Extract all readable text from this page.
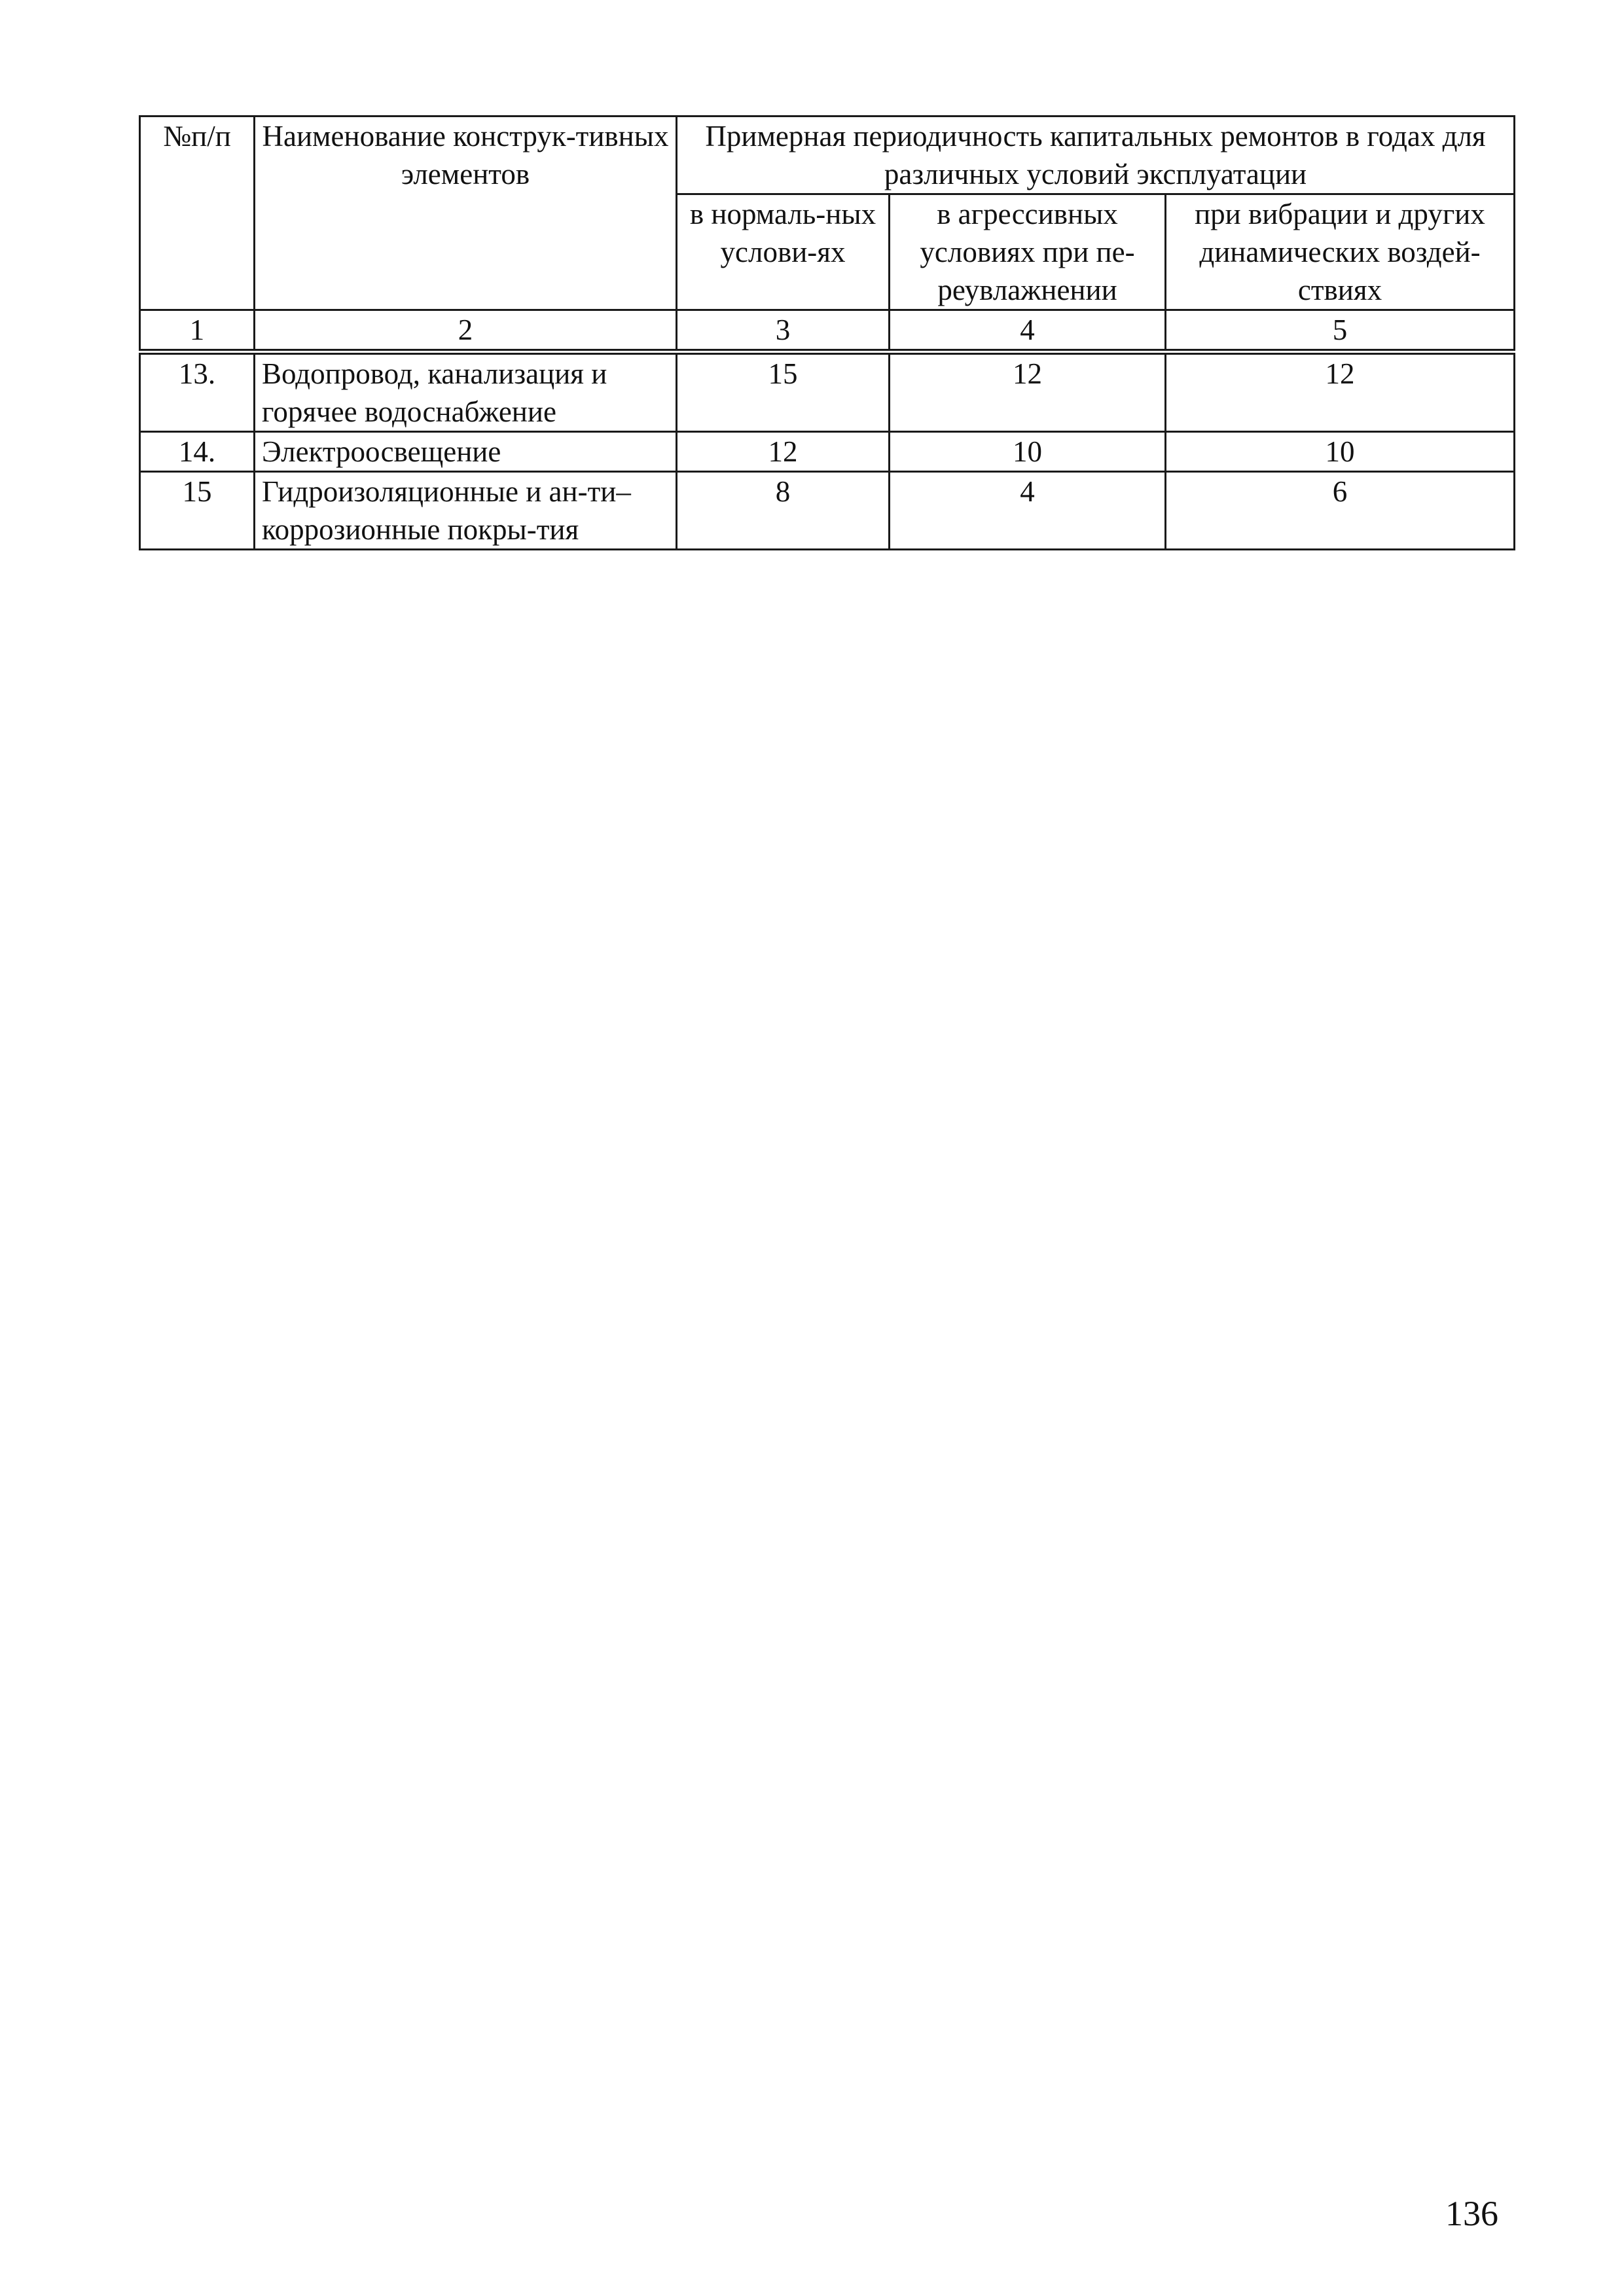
№п/п	Наименование конструк-тивных элементов	Примерная периодичность капитальных ремонтов в годах для различных условий эксплуатации		
		в нормаль-ных услови-ях	в агрессивных условиях при пе-реувлажнении	при вибрации и других динамических воздей-ствиях
1	2	3	4	5
13.	Водопровод, канализация и горячее водоснабжение	15	12	12
14.	Электроосвещение	12	10	10
15	Гидроизоляционные и ан-ти– коррозионные покры-тия	8	4	6
136
